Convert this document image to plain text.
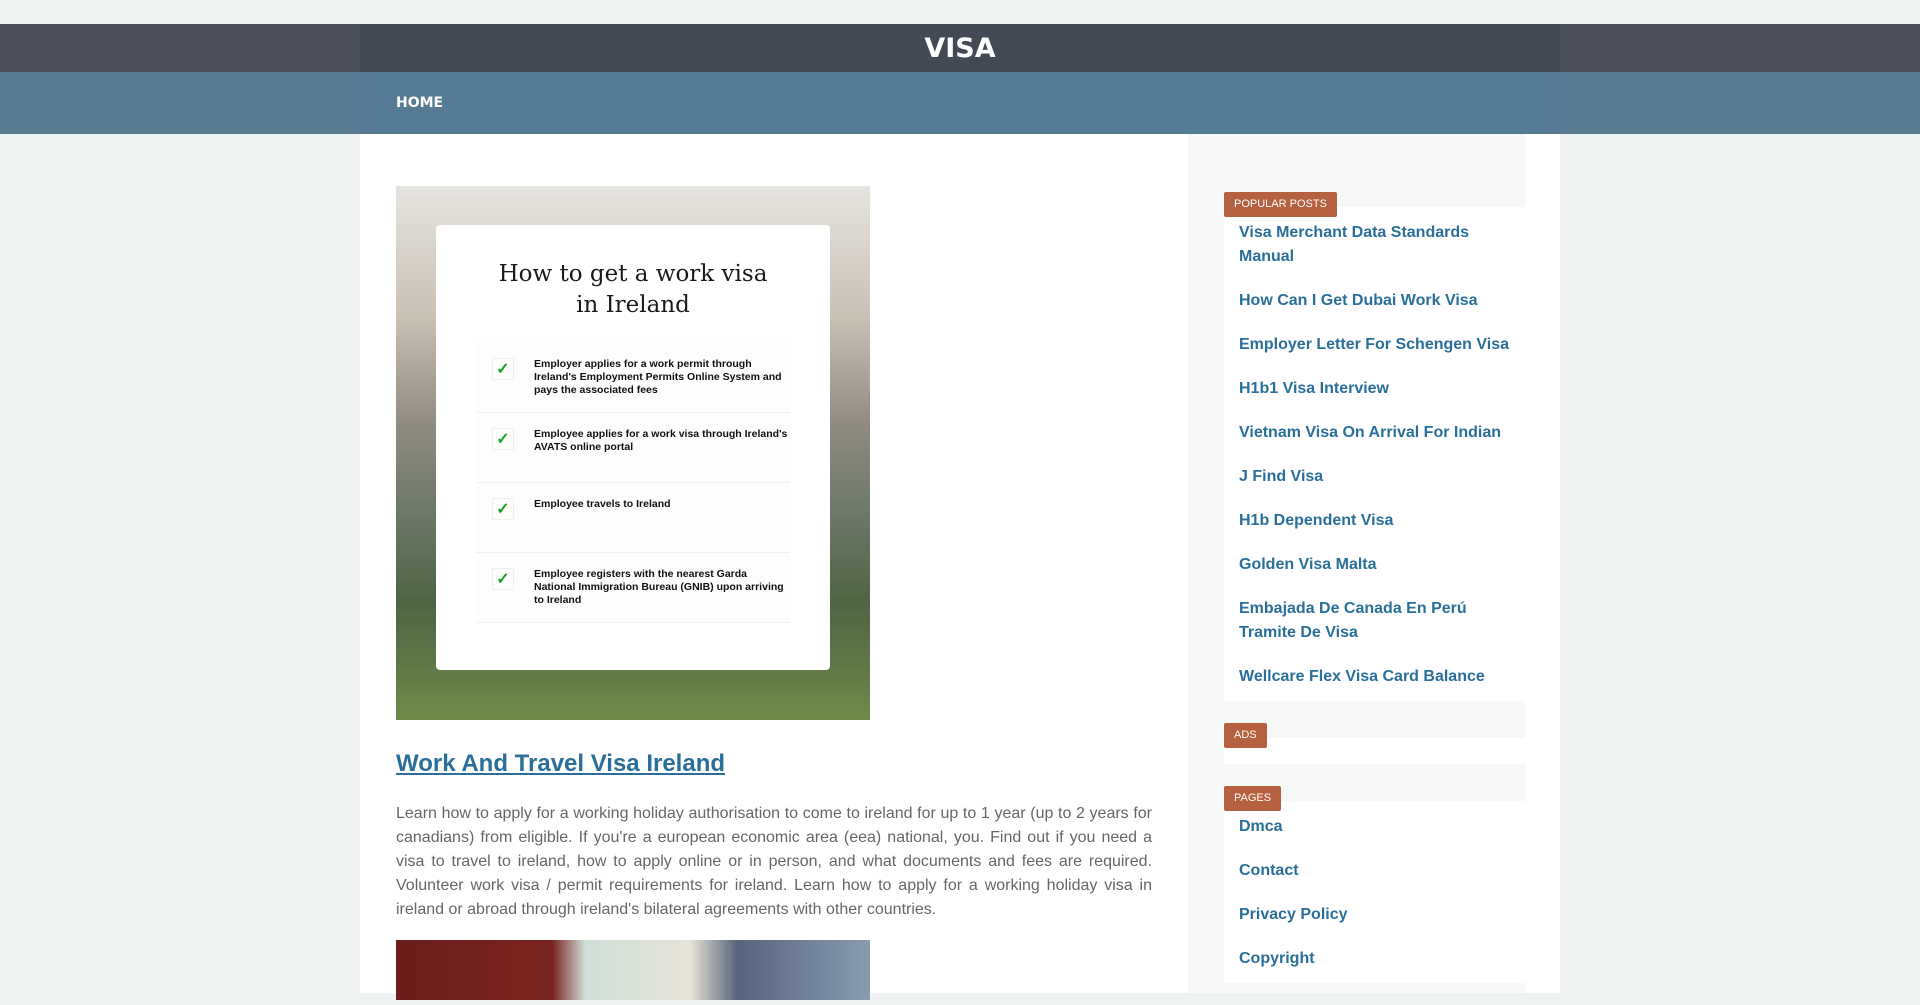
VISA
HOME
How to get a work visa in Ireland
✓	Employer applies for a work permit through Ireland's Employment Permits Online System and pays the associated fees
✓	Employee applies for a work visa through Ireland's AVATS online portal
✓	Employee travels to Ireland
✓	Employee registers with the nearest Garda National Immigration Bureau (GNIB) upon arriving to Ireland
Work And Travel Visa Ireland

Learn how to apply for a working holiday authorisation to come to ireland for up to 1 year (up to 2 years for canadians) from eligible. If you're a european economic area (eea) national, you. Find out if you need a visa to travel to ireland, how to apply online or in person, and what documents and fees are required. Volunteer work visa / permit requirements for ireland. Learn how to apply for a working holiday visa in ireland or abroad through ireland's bilateral agreements with other countries.

POPULAR POSTS
Visa Merchant Data Standards Manual
How Can I Get Dubai Work Visa
Employer Letter For Schengen Visa
H1b1 Visa Interview
Vietnam Visa On Arrival For Indian
J Find Visa
H1b Dependent Visa
Golden Visa Malta
Embajada De Canada En Perú Tramite De Visa
Wellcare Flex Visa Card Balance
ADS
PAGES
Dmca
Contact
Privacy Policy
Copyright
